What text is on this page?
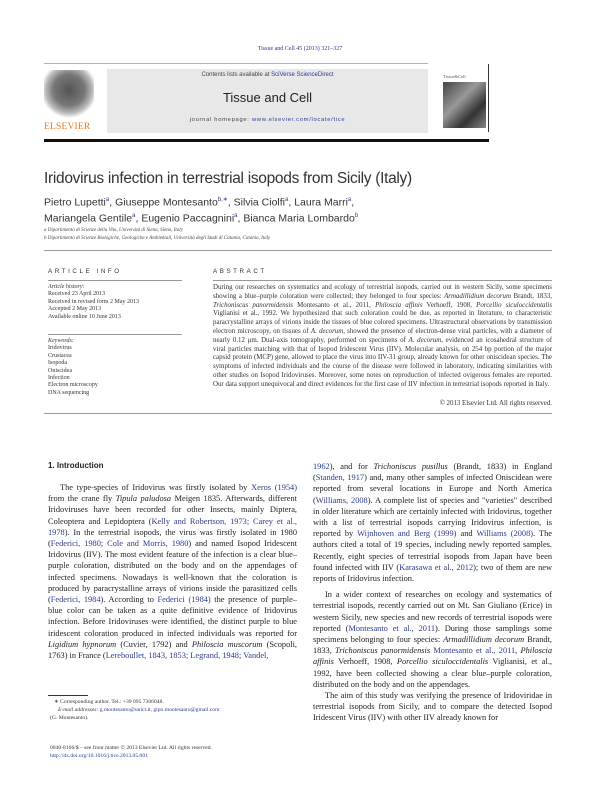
Tissue and Cell 45 (2013) 321–327
ELSEVIER
Contents lists available at SciVerse ScienceDirect
Tissue and Cell
journal homepage: www.elsevier.com/locate/tice
Tissue&Cell
Iridovirus infection in terrestrial isopods from Sicily (Italy)
Pietro Lupetti$^a$, Giuseppe Montesanto$^{b,∗}$, Silvia Ciolfi$^a$, Laura Marri$^a$,
Mariangela Gentile$^a$, Eugenio Paccagnini$^a$, Bianca Maria Lombardo$^b$
a Dipartimento di Scienze della Vita, Università di Siena, Siena, Italy
b Dipartimento di Scienze Biologiche, Geologiche e Ambientali, Università degli Studi di Catania, Catania, Italy
ARTICLE INFO	ABSTRACT
Article history:
Received 23 April 2013
Received in revised form 2 May 2013
Accepted 2 May 2013
Available online 10 June 2013
Keywords:
Iridovirus
Crustacea
Isopoda
Oniscidea
Infection
Electron microscopy
DNA sequencing
During our researches on systematics and ecology of terrestrial isopods, carried out in western Sicily, some specimens showing a blue–purple coloration were collected; they belonged to four species: Armadillidium decorum Brandt, 1833, Trichoniscus panormidensis Montesanto et al., 2011, Philoscia affinis Verhoeff, 1908, Porcellio siculoccidentalis Viglianisi et al., 1992. We hypothesized that such coloration could be due, as reported in literature, to characteristic paracrystalline arrays of virions inside the tissues of blue colored specimens. Ultrastructural observations by transmission electron microscopy, on tissues of A. decorum, showed the presence of electron-dense viral particles, with a diameter of nearly 0.12 μm. Dual-axis tomography, performed on specimens of A. decorum, evidenced an icosahedral structure of viral particles matching with that of Isopod Iridescent Virus (IIV). Molecular analysis, on 254 bp portion of the major capsid protein (MCP) gene, allowed to place the virus into IIV-31 group, already known for other oniscidean species. The symptoms of infected individuals and the course of the disease were followed in laboratory, indicating similarities with other studies on Isopod Iridoviruses. Moreover, some notes on reproduction of infected ovigerous females are reported. Our data support unequivocal and direct evidences for the first case of IIV infection in terrestrial isopods reported in Italy.
© 2013 Elsevier Ltd. All rights reserved.
1. Introduction

The type-species of Iridovirus was firstly isolated by Xeros (1954) from the crane fly Tipula paludosa Meigen 1835. Afterwards, different Iridoviruses have been recorded for other Insects, mainly Diptera, Coleoptera and Lepidoptera (Kelly and Robertson, 1973; Carey et al., 1978). In the terrestrial isopods, the virus was firstly isolated in 1980 (Federici, 1980; Cole and Morris, 1980) and named Isopod Iridescent Iridovirus (IIV). The most evident feature of the infection is a clear blue–purple coloration, distributed on the body and on the appendages of infected specimens. Nowadays is well-known that the coloration is produced by paracrystalline arrays of virions inside the parasitized cells (Federici, 1984). According to Federici (1984) the presence of purple–blue color can be taken as a quite definitive evidence of Iridovirus infection. Before Iridoviruses were identified, the distinct purple to blue iridescent coloration produced in infected individuals was reported for Ligidium hypnorum (Cuvier, 1792) and Philoscia muscorum (Scopoli, 1763) in France (Lereboullet, 1843, 1853; Legrand, 1948; Vandel,

1962), and for Trichoniscus pusillus (Brandt, 1833) in England (Standen, 1917) and, many other samples of infected Oniscidean were reported from several locations in Europe and North America (Williams, 2008). A complete list of species and "varieties" described in older literature which are certainly infected with Iridovirus, together with a list of terrestrial isopods carrying Iridovirus infection, is reported by Wijnhoven and Berg (1999) and Williams (2008). The authors cited a total of 19 species, including newly reported samples. Recently, eight species of terrestrial isopods from Japan have been found infected with IIV (Karasawa et al., 2012); two of them are new reports of Iridovirus infection.

In a wider context of researches on ecology and systematics of terrestrial isopods, recently carried out on Mt. San Giuliano (Erice) in western Sicily, new species and new records of terrestrial isopods were reported (Montesanto et al., 2011). During those samplings some specimens belonging to four species: Armadillidium decorum Brandt, 1833, Trichoniscus panormidensis Montesanto et al., 2011, Philoscia affinis Verhoeff, 1908, Porcellio siculoccidentalis Viglianisi, et al., 1992, have been collected showing a clear blue–purple coloration, distributed on the body and on the appendages.

The aim of this study was verifying the presence of Iridoviridae in terrestrial isopods from Sicily, and to compare the detected Isopod Iridescent Virus (IIV) with other IIV already known for

∗ Corresponding author. Tel.: +39 095 7306048.
E-mail addresses: g.montesanto@unict.it, gipo.montesanto@gmail.com
(G. Montesanto).
0040-8166/$ – see front matter © 2013 Elsevier Ltd. All rights reserved.
http://dx.doi.org/10.1016/j.tice.2013.05.001
